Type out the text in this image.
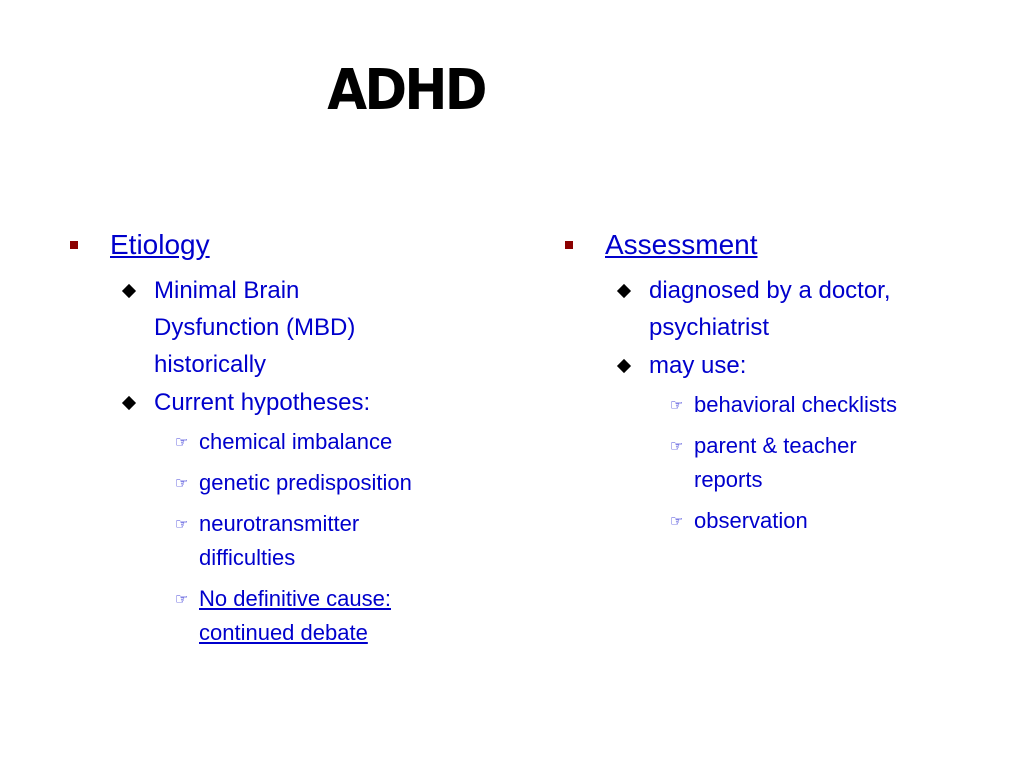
ADHD
Etiology
Minimal Brain
Dysfunction (MBD)
historically
Current hypotheses:
☞ chemical imbalance
☞ genetic predisposition
☞ neurotransmitter
difficulties
☞ No definitive cause:
continued debate
Assessment
diagnosed by a doctor,
psychiatrist
may use:
☞ behavioral checklists
☞ parent & teacher
reports
☞ observation
